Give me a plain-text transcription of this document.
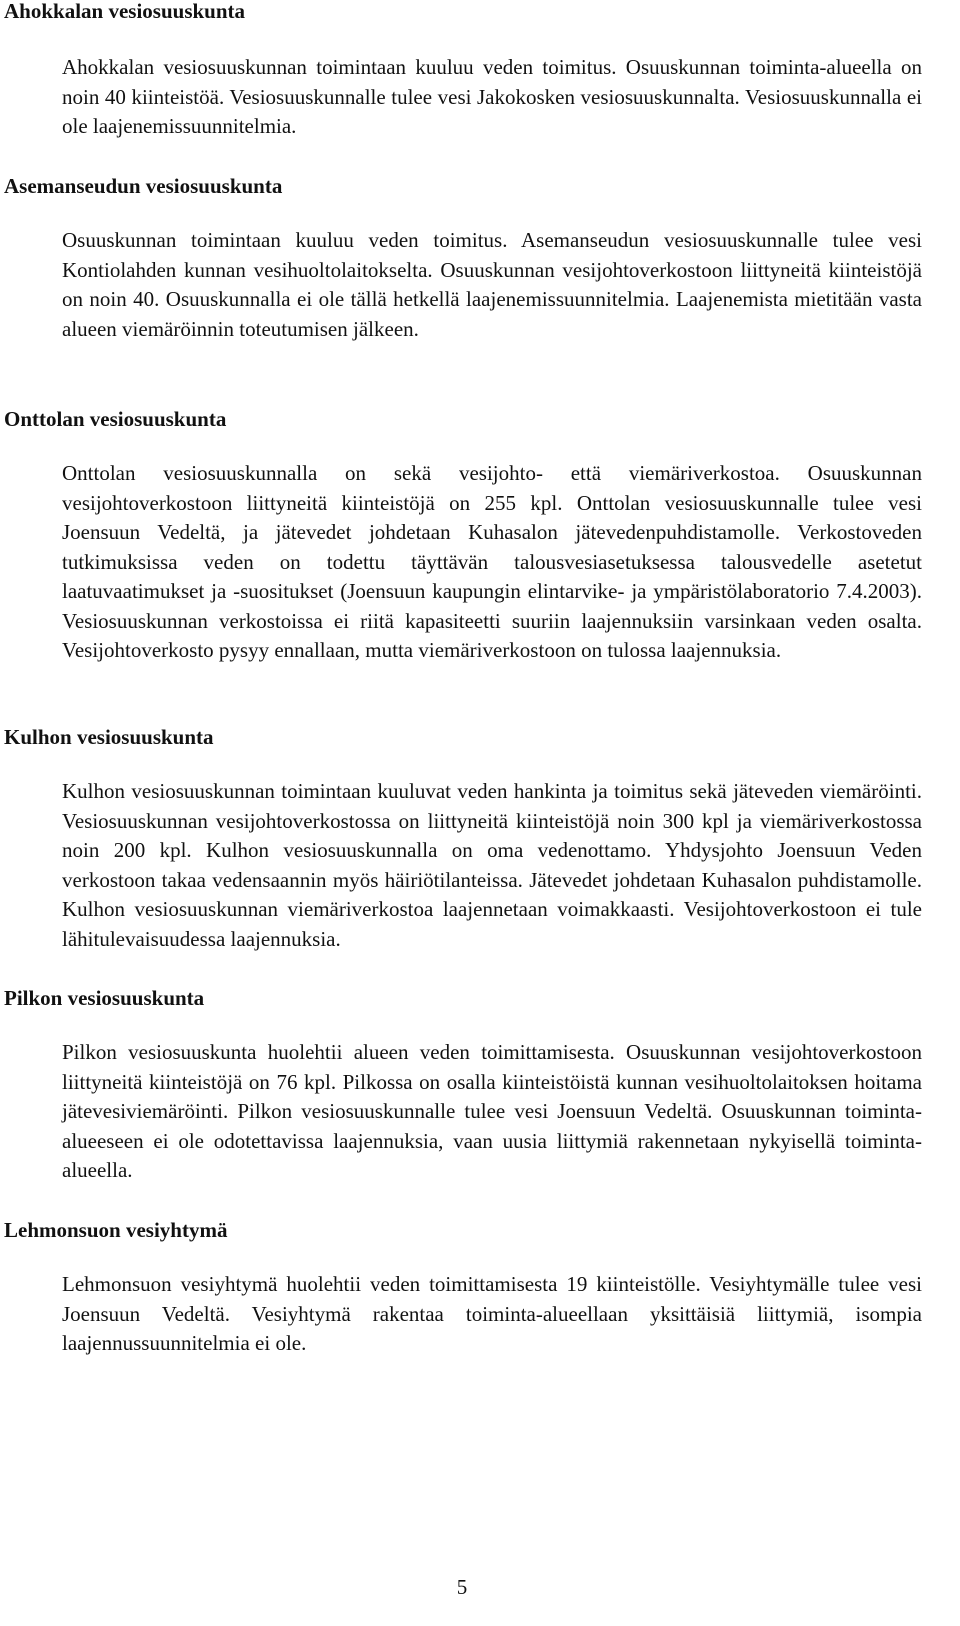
Ahokkalan vesiosuuskunta

Ahokkalan vesiosuuskunnan toimintaan kuuluu veden toimitus. Osuuskunnan toiminta-alueella on noin 40 kiinteistöä. Vesiosuuskunnalle tulee vesi Jakokosken vesiosuuskunnalta. Vesiosuuskunnalla ei ole laajenemissuunnitelmia.

Asemanseudun vesiosuuskunta

Osuuskunnan toimintaan kuuluu veden toimitus. Asemanseudun vesiosuuskunnalle tulee vesi Kontiolahden kunnan vesihuoltolaitokselta. Osuuskunnan vesijohtoverkostoon liittyneitä kiinteistöjä on noin 40. Osuuskunnalla ei ole tällä hetkellä laajenemissuunnitelmia. Laajenemista mietitään vasta alueen viemäröinnin toteutumisen jälkeen.

Onttolan vesiosuuskunta

Onttolan vesiosuuskunnalla on sekä vesijohto- että viemäriverkostoa. Osuuskunnan vesijohtoverkostoon liittyneitä kiinteistöjä on 255 kpl. Onttolan vesiosuuskunnalle tulee vesi Joensuun Vedeltä, ja jätevedet johdetaan Kuhasalon jätevedenpuhdistamolle. Verkostoveden tutkimuksissa veden on todettu täyttävän talousvesiasetuksessa talousvedelle asetetut laatuvaatimukset ja -suositukset (Joensuun kaupungin elintarvike- ja ympäristölaboratorio 7.4.2003). Vesiosuuskunnan verkostoissa ei riitä kapasiteetti suuriin laajennuksiin varsinkaan veden osalta. Vesijohtoverkosto pysyy ennallaan, mutta viemäriverkostoon on tulossa laajennuksia.

Kulhon vesiosuuskunta

Kulhon vesiosuuskunnan toimintaan kuuluvat veden hankinta ja toimitus sekä jäteveden viemäröinti. Vesiosuuskunnan vesijohtoverkostossa on liittyneitä kiinteistöjä noin 300 kpl ja viemäriverkostossa noin 200 kpl. Kulhon vesiosuuskunnalla on oma vedenottamo. Yhdysjohto Joensuun Veden verkostoon takaa vedensaannin myös häiriötilanteissa. Jätevedet johdetaan Kuhasalon puhdistamolle. Kulhon vesiosuuskunnan viemäriverkostoa laajennetaan voimakkaasti. Vesijohtoverkostoon ei tule lähitulevaisuudessa laajennuksia.

Pilkon vesiosuuskunta

Pilkon vesiosuuskunta huolehtii alueen veden toimittamisesta. Osuuskunnan vesijohtoverkostoon liittyneitä kiinteistöjä on 76 kpl. Pilkossa on osalla kiinteistöistä kunnan vesihuoltolaitoksen hoitama jätevesiviemäröinti. Pilkon vesiosuuskunnalle tulee vesi Joensuun Vedeltä. Osuuskunnan toiminta-alueeseen ei ole odotettavissa laajennuksia, vaan uusia liittymiä rakennetaan nykyisellä toiminta-alueella.

Lehmonsuon vesiyhtymä

Lehmonsuon vesiyhtymä huolehtii veden toimittamisesta 19 kiinteistölle. Vesiyhtymälle tulee vesi Joensuun Vedeltä. Vesiyhtymä rakentaa toiminta-alueellaan yksittäisiä liittymiä, isompia laajennussuunnitelmia ei ole.

5
